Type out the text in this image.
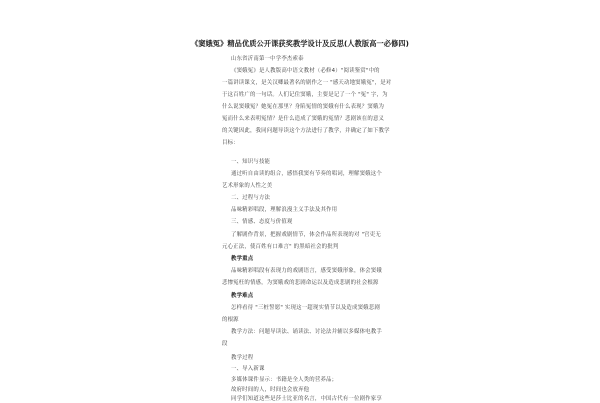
《窦娥冤》精品优质公开课获奖教学设计及反思(人教版高一必修四)
山东省沂南第一中学李杰索泰
《窦娥冤》是人教版高中语文教材（必修4）"阅读鉴赏"中的
一篇讲读课文，是关汉卿最著名的剧作之一 "感天动地窦娥冤"，是对
于这百姓广的一句话。人们记住窦娥，主要是记了一个 "冤" 字，为
什么说窦娥冤？她冤在那里？身陷冤情的窦娥有什么表现？窦娥为
冤而什么来表明冤情？是什么造成了窦娥的冤情？悲剧该在的意义
的关键因此，我同问题导读这个方法进行了教学，并确定了如下教学
目标：
一、知识与技能
通过听自由读的组合，感悟我窦有节奏的唱词，理解窦娥这个
艺术形象的人性之美
二、过程与方法
品味精彩唱段，理解浪漫主义手法及其作用
三、情感、态度与价值观
了解剧作背景，把握戏剧情节，体会作品所表现的对 "官吏无
元心正法，使百姓有口难言" 的黑暗社会的批判
教学重点
品味精彩唱段有表现力的戏剧语言，感受窦娥形象，体会窦娥
悲惨冤枉的情感，为窦娥戏的悲剧命运以及造成悲剧的社会根源
教学难点
怎样看待 "三桩誓愿" 实现这一超现实情节以及造成窦娥悲剧
的根源
教学方法：问题导读法、诵读法、讨论法并辅以多媒体电教手
段
教学过程
一、导入新课
多媒体课件显示：书籍是全人类的营养品；
故府时间的人，时间也会放弃他
同学们知道这些是莎士比亚的名言，中国古代有一位剧作家享
